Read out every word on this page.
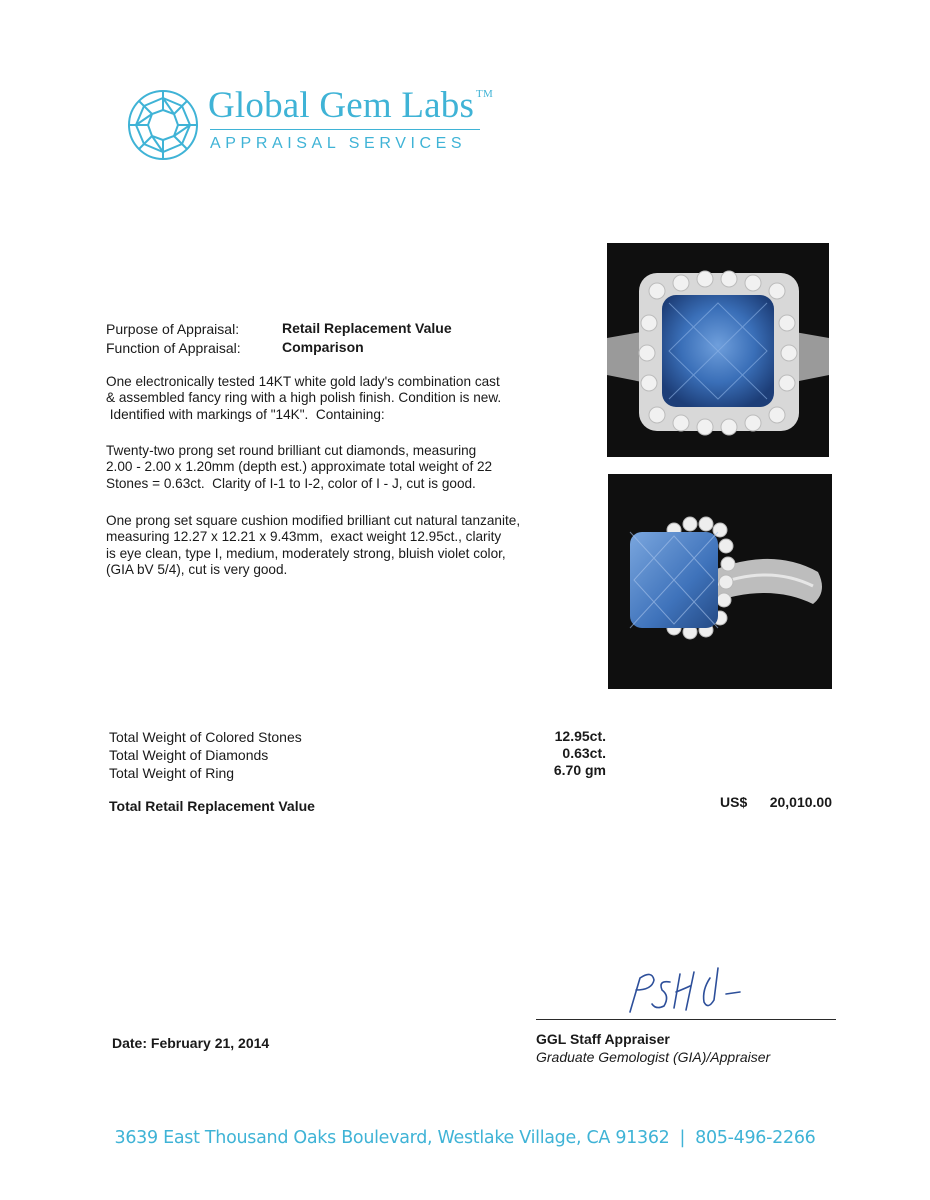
Global Gem Labs ™
APPRAISAL SERVICES
Purpose of Appraisal:	Retail Replacement Value
Function of Appraisal:	Comparison
One electronically tested 14KT white gold lady's combination cast
& assembled fancy ring with a high polish finish. Condition is new.
Identified with markings of "14K".  Containing:
Twenty-two prong set round brilliant cut diamonds, measuring
2.00 - 2.00 x 1.20mm (depth est.) approximate total weight of 22
Stones = 0.63ct.  Clarity of I-1 to I-2, color of I - J, cut is good.
One prong set square cushion modified brilliant cut natural tanzanite,
measuring 12.27 x 12.21 x 9.43mm,  exact weight 12.95ct., clarity
is eye clean, type I, medium, moderately strong, bluish violet color,
(GIA bV 5/4), cut is very good.
Total Weight of Colored Stones	12.95ct.
Total Weight of Diamonds	0.63ct.
Total Weight of Ring	6.70 gm
Total Retail Replacement Value	US$	20,010.00
Date: February 21, 2014	GGL Staff Appraiser
Graduate Gemologist (GIA)/Appraiser
3639 East Thousand Oaks Boulevard, Westlake Village, CA 91362 | 805-496-2266
